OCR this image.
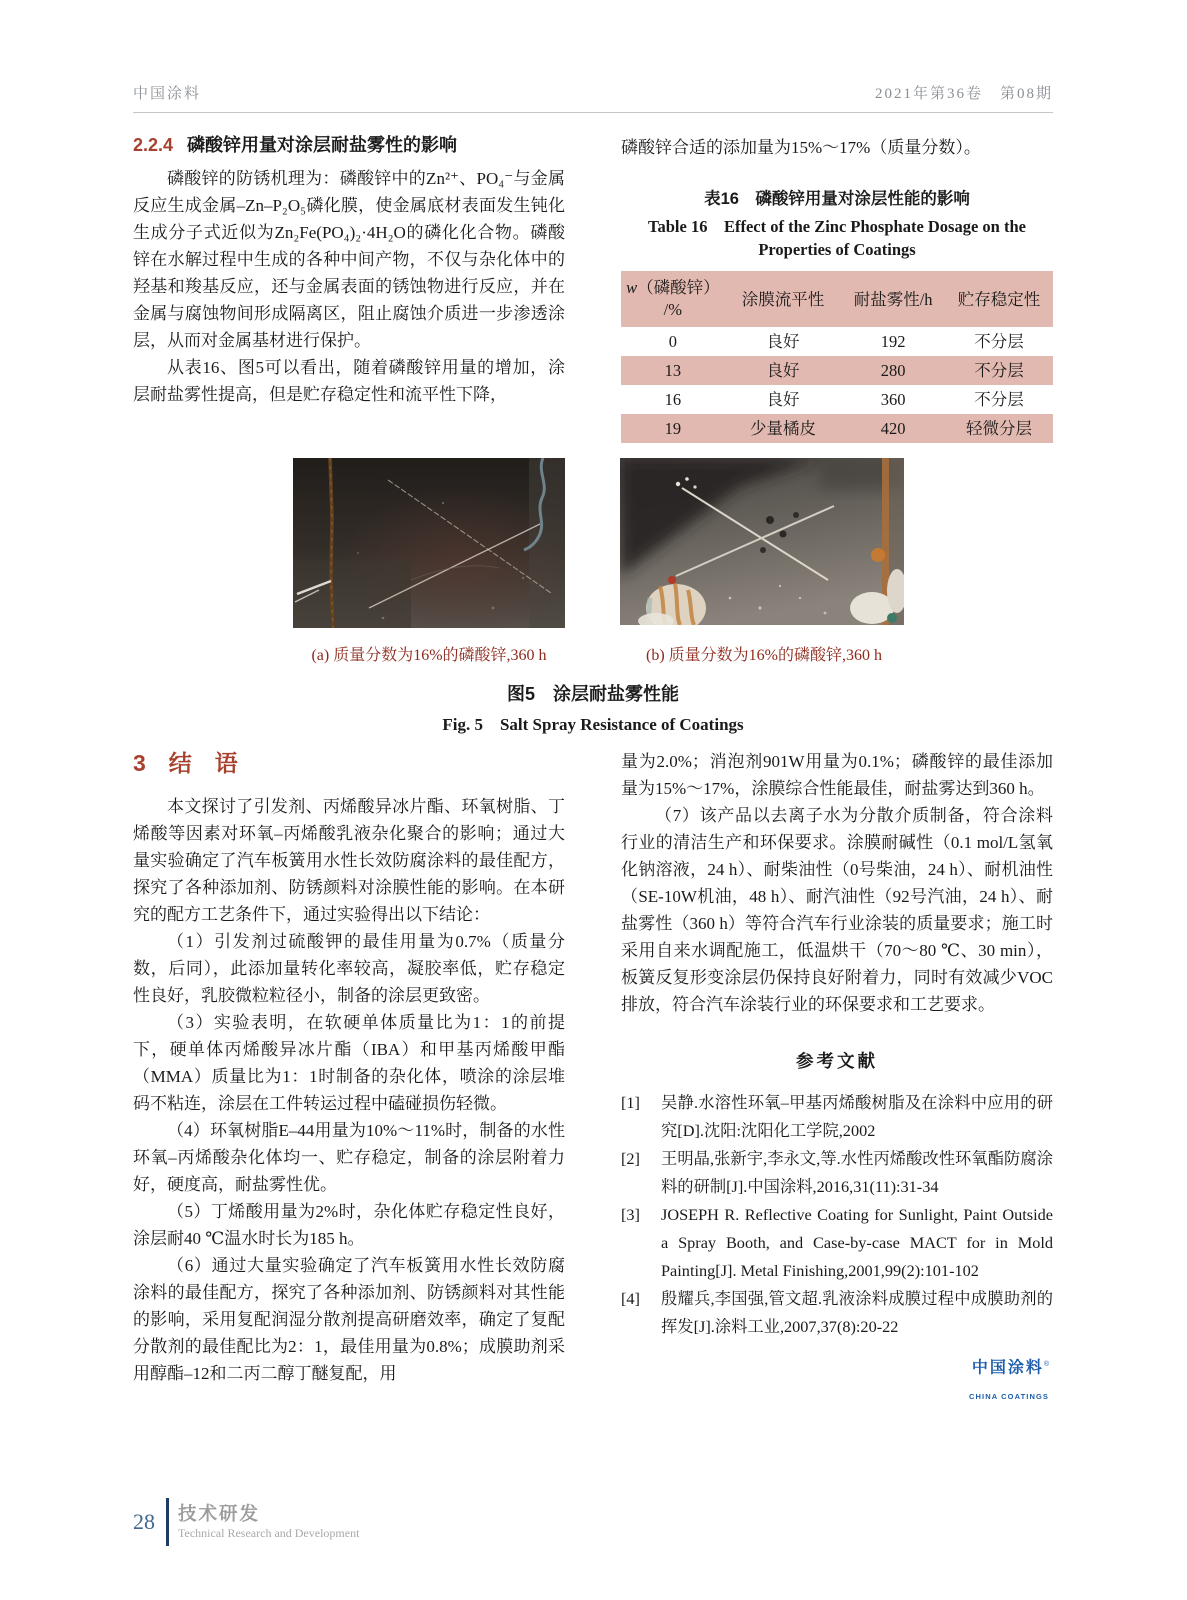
中国涂料	2021年第36卷　第08期
2.2.4 磷酸锌用量对涂层耐盐雾性的影响

磷酸锌的防锈机理为：磷酸锌中的Zn²⁺、PO₄⁻与金属反应生成金属–Zn–P₂O₅磷化膜，使金属底材表面发生钝化生成分子式近似为Zn₂Fe(PO₄)₂·4H₂O的磷化化合物。磷酸锌在水解过程中生成的各种中间产物，不仅与杂化体中的羟基和羧基反应，还与金属表面的锈蚀物进行反应，并在金属与腐蚀物间形成隔离区，阻止腐蚀介质进一步渗透涂层，从而对金属基材进行保护。

从表16、图5可以看出，随着磷酸锌用量的增加，涂层耐盐雾性提高，但是贮存稳定性和流平性下降，

磷酸锌合适的添加量为15%～17%（质量分数）。

表16　磷酸锌用量对涂层性能的影响
Table 16　Effect of the Zinc Phosphate Dosage on the
Properties of Coatings
w（磷酸锌）
/%	涂膜流平性	耐盐雾性/h	贮存稳定性
0	良好	192	不分层
13	良好	280	不分层
16	良好	360	不分层
19	少量橘皮	420	轻微分层
(a) 质量分数为16%的磷酸锌,360 h	(b) 质量分数为16%的磷酸锌,360 h
图5　涂层耐盐雾性能
Fig. 5　Salt Spray Resistance of Coatings
3　结　语

本文探讨了引发剂、丙烯酸异冰片酯、环氧树脂、丁烯酸等因素对环氧–丙烯酸乳液杂化聚合的影响；通过大量实验确定了汽车板簧用水性长效防腐涂料的最佳配方，探究了各种添加剂、防锈颜料对涂膜性能的影响。在本研究的配方工艺条件下，通过实验得出以下结论：

（1）引发剂过硫酸钾的最佳用量为0.7%（质量分数，后同），此添加量转化率较高，凝胶率低，贮存稳定性良好，乳胶微粒粒径小，制备的涂层更致密。

（3）实验表明，在软硬单体质量比为1：1的前提下，硬单体丙烯酸异冰片酯（IBA）和甲基丙烯酸甲酯（MMA）质量比为1：1时制备的杂化体，喷涂的涂层堆码不粘连，涂层在工件转运过程中磕碰损伤轻微。

（4）环氧树脂E–44用量为10%～11%时，制备的水性环氧–丙烯酸杂化体均一、贮存稳定，制备的涂层附着力好，硬度高，耐盐雾性优。

（5）丁烯酸用量为2%时，杂化体贮存稳定性良好，涂层耐40 ℃温水时长为185 h。

（6）通过大量实验确定了汽车板簧用水性长效防腐涂料的最佳配方，探究了各种添加剂、防锈颜料对其性能的影响，采用复配润湿分散剂提高研磨效率，确定了复配分散剂的最佳配比为2：1，最佳用量为0.8%；成膜助剂采用醇酯–12和二丙二醇丁醚复配，用

量为2.0%；消泡剂901W用量为0.1%；磷酸锌的最佳添加量为15%～17%，涂膜综合性能最佳，耐盐雾达到360 h。

（7）该产品以去离子水为分散介质制备，符合涂料行业的清洁生产和环保要求。涂膜耐碱性（0.1 mol/L氢氧化钠溶液，24 h）、耐柴油性（0号柴油，24 h）、耐机油性（SE-10W机油，48 h）、耐汽油性（92号汽油，24 h）、耐盐雾性（360 h）等符合汽车行业涂装的质量要求；施工时采用自来水调配施工，低温烘干（70～80 ℃、30 min），板簧反复形变涂层仍保持良好附着力，同时有效减少VOC排放，符合汽车涂装行业的环保要求和工艺要求。

参考文献
[1]	吴静.水溶性环氧–甲基丙烯酸树脂及在涂料中应用的研究[D].沈阳:沈阳化工学院,2002
[2]	王明晶,张新宇,李永文,等.水性丙烯酸改性环氧酯防腐涂料的研制[J].中国涂料,2016,31(11):31-34
[3]	JOSEPH R. Reflective Coating for Sunlight, Paint Outside a Spray Booth, and Case-by-case MACT for in Mold Painting[J]. Metal Finishing,2001,99(2):101-102
[4]	殷耀兵,李国强,管文超.乳液涂料成膜过程中成膜助剂的挥发[J].涂料工业,2007,37(8):20-22
中国涂料®
CHINA COATINGS
28 技术研发
Technical Research and Development
